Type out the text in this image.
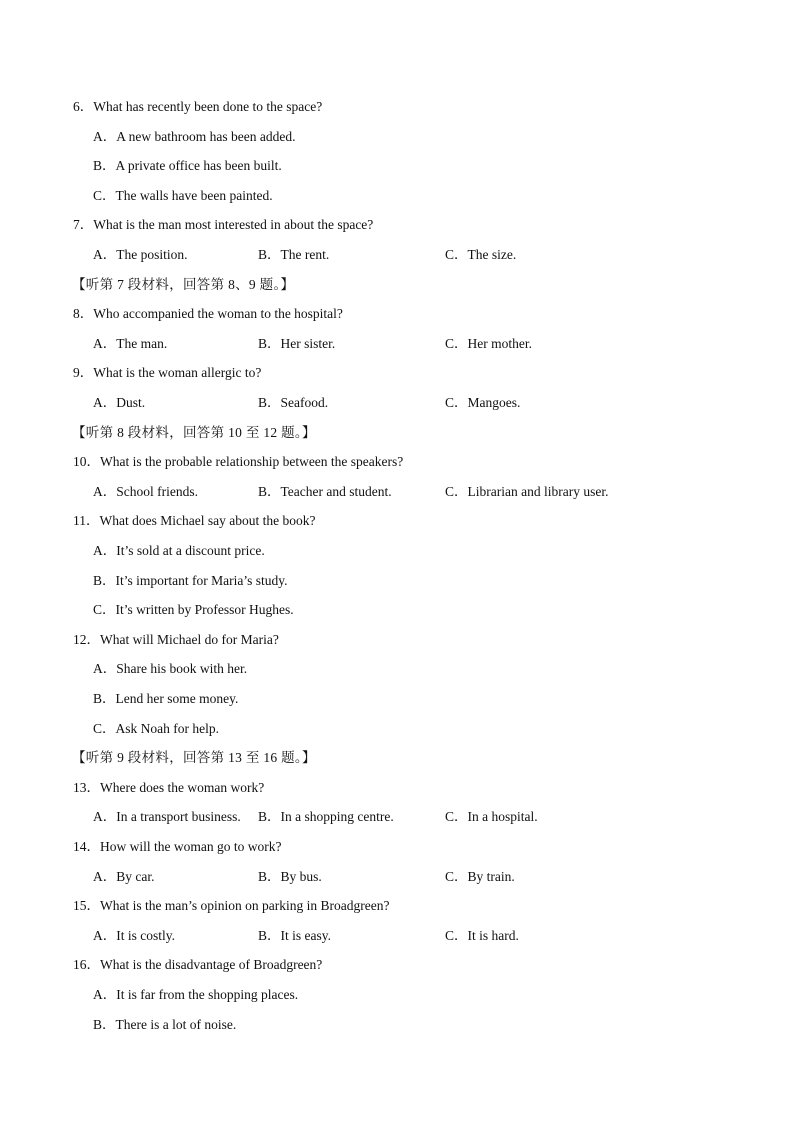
6．What has recently been done to the space?
A．A new bathroom has been added.
B．A private office has been built.
C．The walls have been painted.
7．What is the man most interested in about the space?
A．The position.	B．The rent.	C．The size.
【听第 7 段材料，回答第 8、9 题。】
8．Who accompanied the woman to the hospital?
A．The man.	B．Her sister.	C．Her mother.
9．What is the woman allergic to?
A．Dust.	B．Seafood.	C．Mangoes.
【听第 8 段材料，回答第 10 至 12 题。】
10．What is the probable relationship between the speakers?
A．School friends.	B．Teacher and student.	C．Librarian and library user.
11．What does Michael say about the book?
A．It’s sold at a discount price.
B．It’s important for Maria’s study.
C．It’s written by Professor Hughes.
12．What will Michael do for Maria?
A．Share his book with her.
B．Lend her some money.
C．Ask Noah for help.
【听第 9 段材料，回答第 13 至 16 题。】
13．Where does the woman work?
A．In a transport business. B．In a shopping centre.	C．In a hospital.
14．How will the woman go to work?
A．By car.	B．By bus.	C．By train.
15．What is the man’s opinion on parking in Broadgreen?
A．It is costly.	B．It is easy.	C．It is hard.
16．What is the disadvantage of Broadgreen?
A．It is far from the shopping places.
B．There is a lot of noise.
